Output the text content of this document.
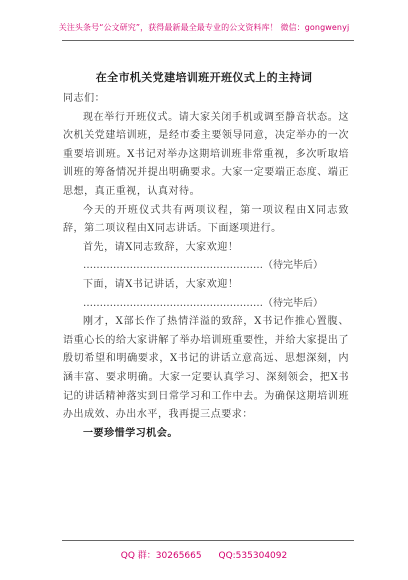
关注头条号“公文研究”，获得最新最全最专业的公文资料库！ 微信：gongwenyj
在全市机关党建培训班开班仪式上的主持词

同志们：

现在举行开班仪式。请大家关闭手机或调至静音状态。这次机关党建培训班，是经市委主要领导同意，决定举办的一次重要培训班。X书记对举办这期培训班非常重视，多次听取培训班的筹备情况并提出明确要求。大家一定要端正态度、端正思想，真正重视，认真对待。

今天的开班仪式共有两项议程，第一项议程由X同志致辞，第二项议程由X同志讲话。下面逐项进行。

首先，请X同志致辞，大家欢迎！

………………………………………………（待完毕后）

下面，请X书记讲话，大家欢迎！

………………………………………………（待完毕后）

刚才，X部长作了热情洋溢的致辞，X书记作推心置腹、语重心长的给大家讲解了举办培训班重要性，并给大家提出了殷切希望和明确要求，X书记的讲话立意高远、思想深刻，内涵丰富、要求明确。大家一定要认真学习、深刻领会，把X书记的讲话精神落实到日常学习和工作中去。为确保这期培训班办出成效、办出水平，我再提三点要求：

一要珍惜学习机会。

QQ 群：30265665 QQ:535304092
